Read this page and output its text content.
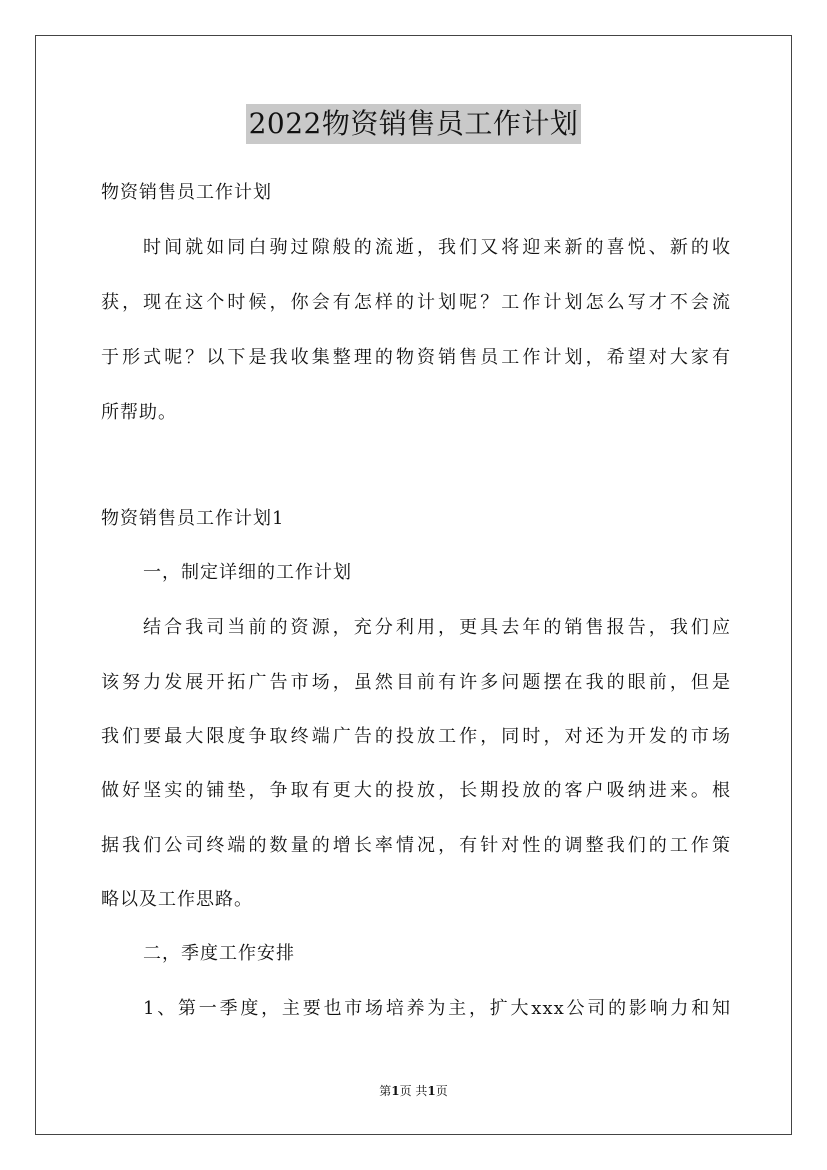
2022物资销售员工作计划
物资销售员工作计划
时间就如同白驹过隙般的流逝，我们又将迎来新的喜悦、新的收
获，现在这个时候，你会有怎样的计划呢？工作计划怎么写才不会流
于形式呢？以下是我收集整理的物资销售员工作计划，希望对大家有
所帮助。
物资销售员工作计划1
一，制定详细的工作计划
结合我司当前的资源，充分利用，更具去年的销售报告，我们应
该努力发展开拓广告市场，虽然目前有许多问题摆在我的眼前，但是
我们要最大限度争取终端广告的投放工作，同时，对还为开发的市场
做好坚实的铺垫，争取有更大的投放，长期投放的客户吸纳进来。根
据我们公司终端的数量的增长率情况，有针对性的调整我们的工作策
略以及工作思路。
二，季度工作安排
1、第一季度，主要也市场培养为主，扩大xxx公司的影响力和知
第1页 共1页
